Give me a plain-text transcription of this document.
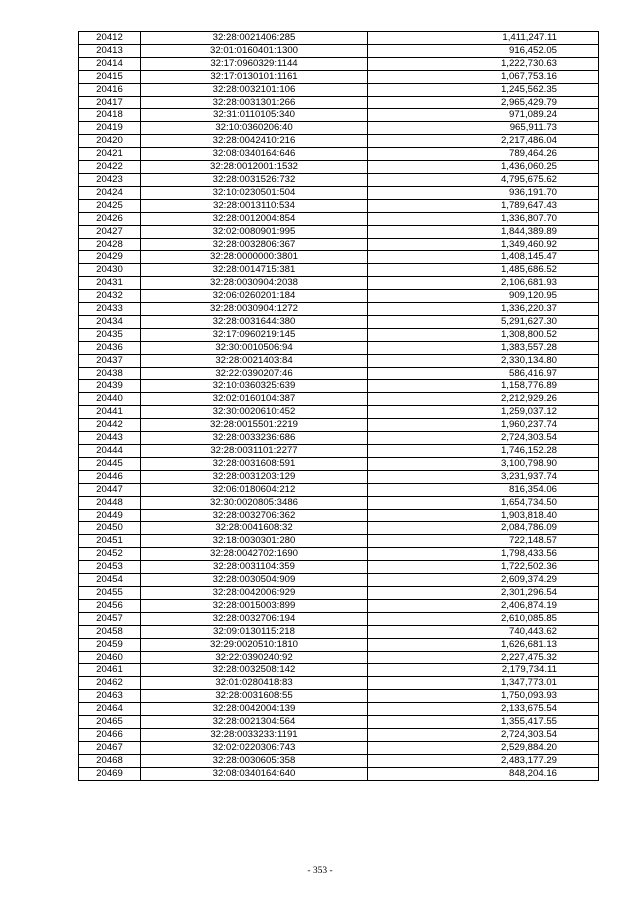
20412	32:28:0021406:285	1,411,247.11
20413	32:01:0160401:1300	916,452.05
20414	32:17:0960329:1144	1,222,730.63
20415	32:17:0130101:1161	1,067,753.16
20416	32:28:0032101:106	1,245,562.35
20417	32:28:0031301:266	2,965,429.79
20418	32:31:0110105:340	971,089.24
20419	32:10:0360206:40	965,911.73
20420	32:28:0042410:216	2,217,486.04
20421	32:08:0340164:646	789,464.26
20422	32:28:0012001:1532	1,436,060.25
20423	32:28:0031526:732	4,795,675.62
20424	32:10:0230501:504	936,191.70
20425	32:28:0013110:534	1,789,647.43
20426	32:28:0012004:854	1,336,807.70
20427	32:02:0080901:995	1,844,389.89
20428	32:28:0032806:367	1,349,460.92
20429	32:28:0000000:3801	1,408,145.47
20430	32:28:0014715:381	1,485,686.52
20431	32:28:0030904:2038	2,106,681.93
20432	32:06:0260201:184	909,120.95
20433	32:28:0030904:1272	1,336,220.37
20434	32:28:0031644:380	5,291,627.30
20435	32:17:0960219:145	1,308,800.52
20436	32:30:0010506:94	1,383,557.28
20437	32:28:0021403:84	2,330,134.80
20438	32:22:0390207:46	586,416.97
20439	32:10:0360325:639	1,158,776.89
20440	32:02:0160104:387	2,212,929.26
20441	32:30:0020610:452	1,259,037.12
20442	32:28:0015501:2219	1,960,237.74
20443	32:28:0033236:686	2,724,303.54
20444	32:28:0031101:2277	1,746,152.28
20445	32:28:0031608:591	3,100,798.90
20446	32:28:0031203:129	3,231,937.74
20447	32:06:0180604:212	816,354.06
20448	32:30:0020805:3486	1,654,734.50
20449	32:28:0032706:362	1,903,818.40
20450	32:28:0041608:32	2,084,786.09
20451	32:18:0030301:280	722,148.57
20452	32:28:0042702:1690	1,798,433.56
20453	32:28:0031104:359	1,722,502.36
20454	32:28:0030504:909	2,609,374.29
20455	32:28:0042006:929	2,301,296.54
20456	32:28:0015003:899	2,406,874.19
20457	32:28:0032706:194	2,610,085.85
20458	32:09:0130115:218	740,443.62
20459	32:29:0020510:1810	1,626,681.13
20460	32:22:0390240:92	2,227,475.32
20461	32:28:0032508:142	2,179,734.11
20462	32:01:0280418:83	1,347,773.01
20463	32:28:0031608:55	1,750,093.93
20464	32:28:0042004:139	2,133,675.54
20465	32:28:0021304:564	1,355,417.55
20466	32:28:0033233:1191	2,724,303.54
20467	32:02:0220306:743	2,529,884.20
20468	32:28:0030605:358	2,483,177.29
20469	32:08:0340164:640	848,204.16
- 353 -
